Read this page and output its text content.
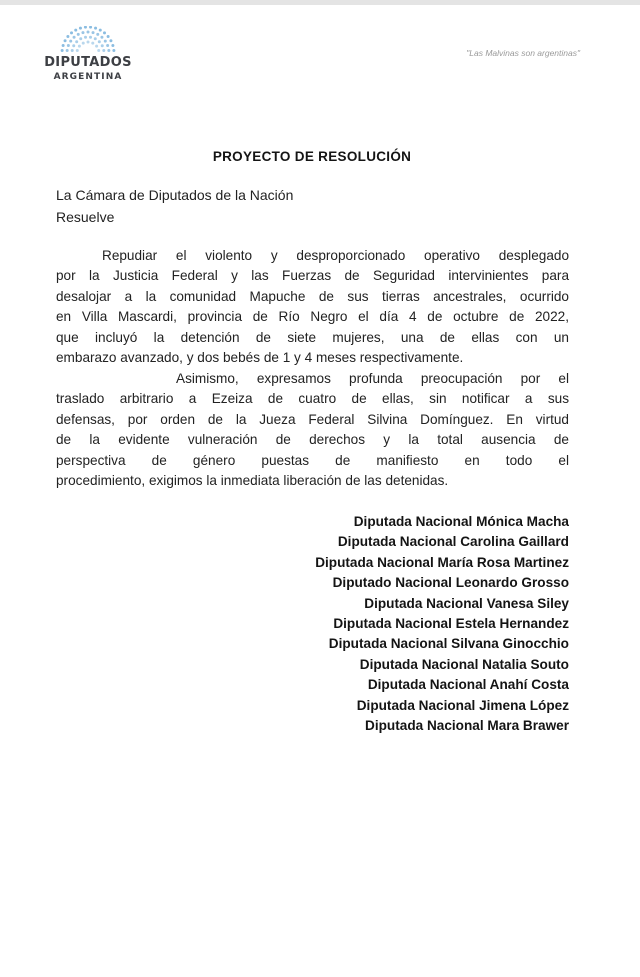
DIPUTADOS
ARGENTINA
"Las Malvinas son argentinas"
PROYECTO DE RESOLUCIÓN
La Cámara de Diputados de la Nación
Resuelve
Repudiar el violento y desproporcionado operativo desplegado
por la Justicia Federal y las Fuerzas de Seguridad intervinientes para
desalojar a la comunidad Mapuche de sus tierras ancestrales, ocurrido
en Villa Mascardi, provincia de Río Negro el día 4 de octubre de 2022,
que incluyó la detención de siete mujeres, una de ellas con un
embarazo avanzado, y dos bebés de 1 y 4 meses respectivamente.
Asimismo, expresamos profunda preocupación por el
traslado arbitrario a Ezeiza de cuatro de ellas, sin notificar a sus
defensas, por orden de la Jueza Federal Silvina Domínguez. En virtud
de la evidente vulneración de derechos y la total ausencia de
perspectiva de género puestas de manifiesto en todo el
procedimiento, exigimos la inmediata liberación de las detenidas.
Diputada Nacional Mónica Macha
Diputada Nacional Carolina Gaillard
Diputada Nacional María Rosa Martinez
Diputado Nacional Leonardo Grosso
Diputada Nacional Vanesa Siley
Diputada Nacional Estela Hernandez
Diputada Nacional Silvana Ginocchio
Diputada Nacional Natalia Souto
Diputada Nacional Anahí Costa
Diputada Nacional Jimena López
Diputada Nacional Mara Brawer
